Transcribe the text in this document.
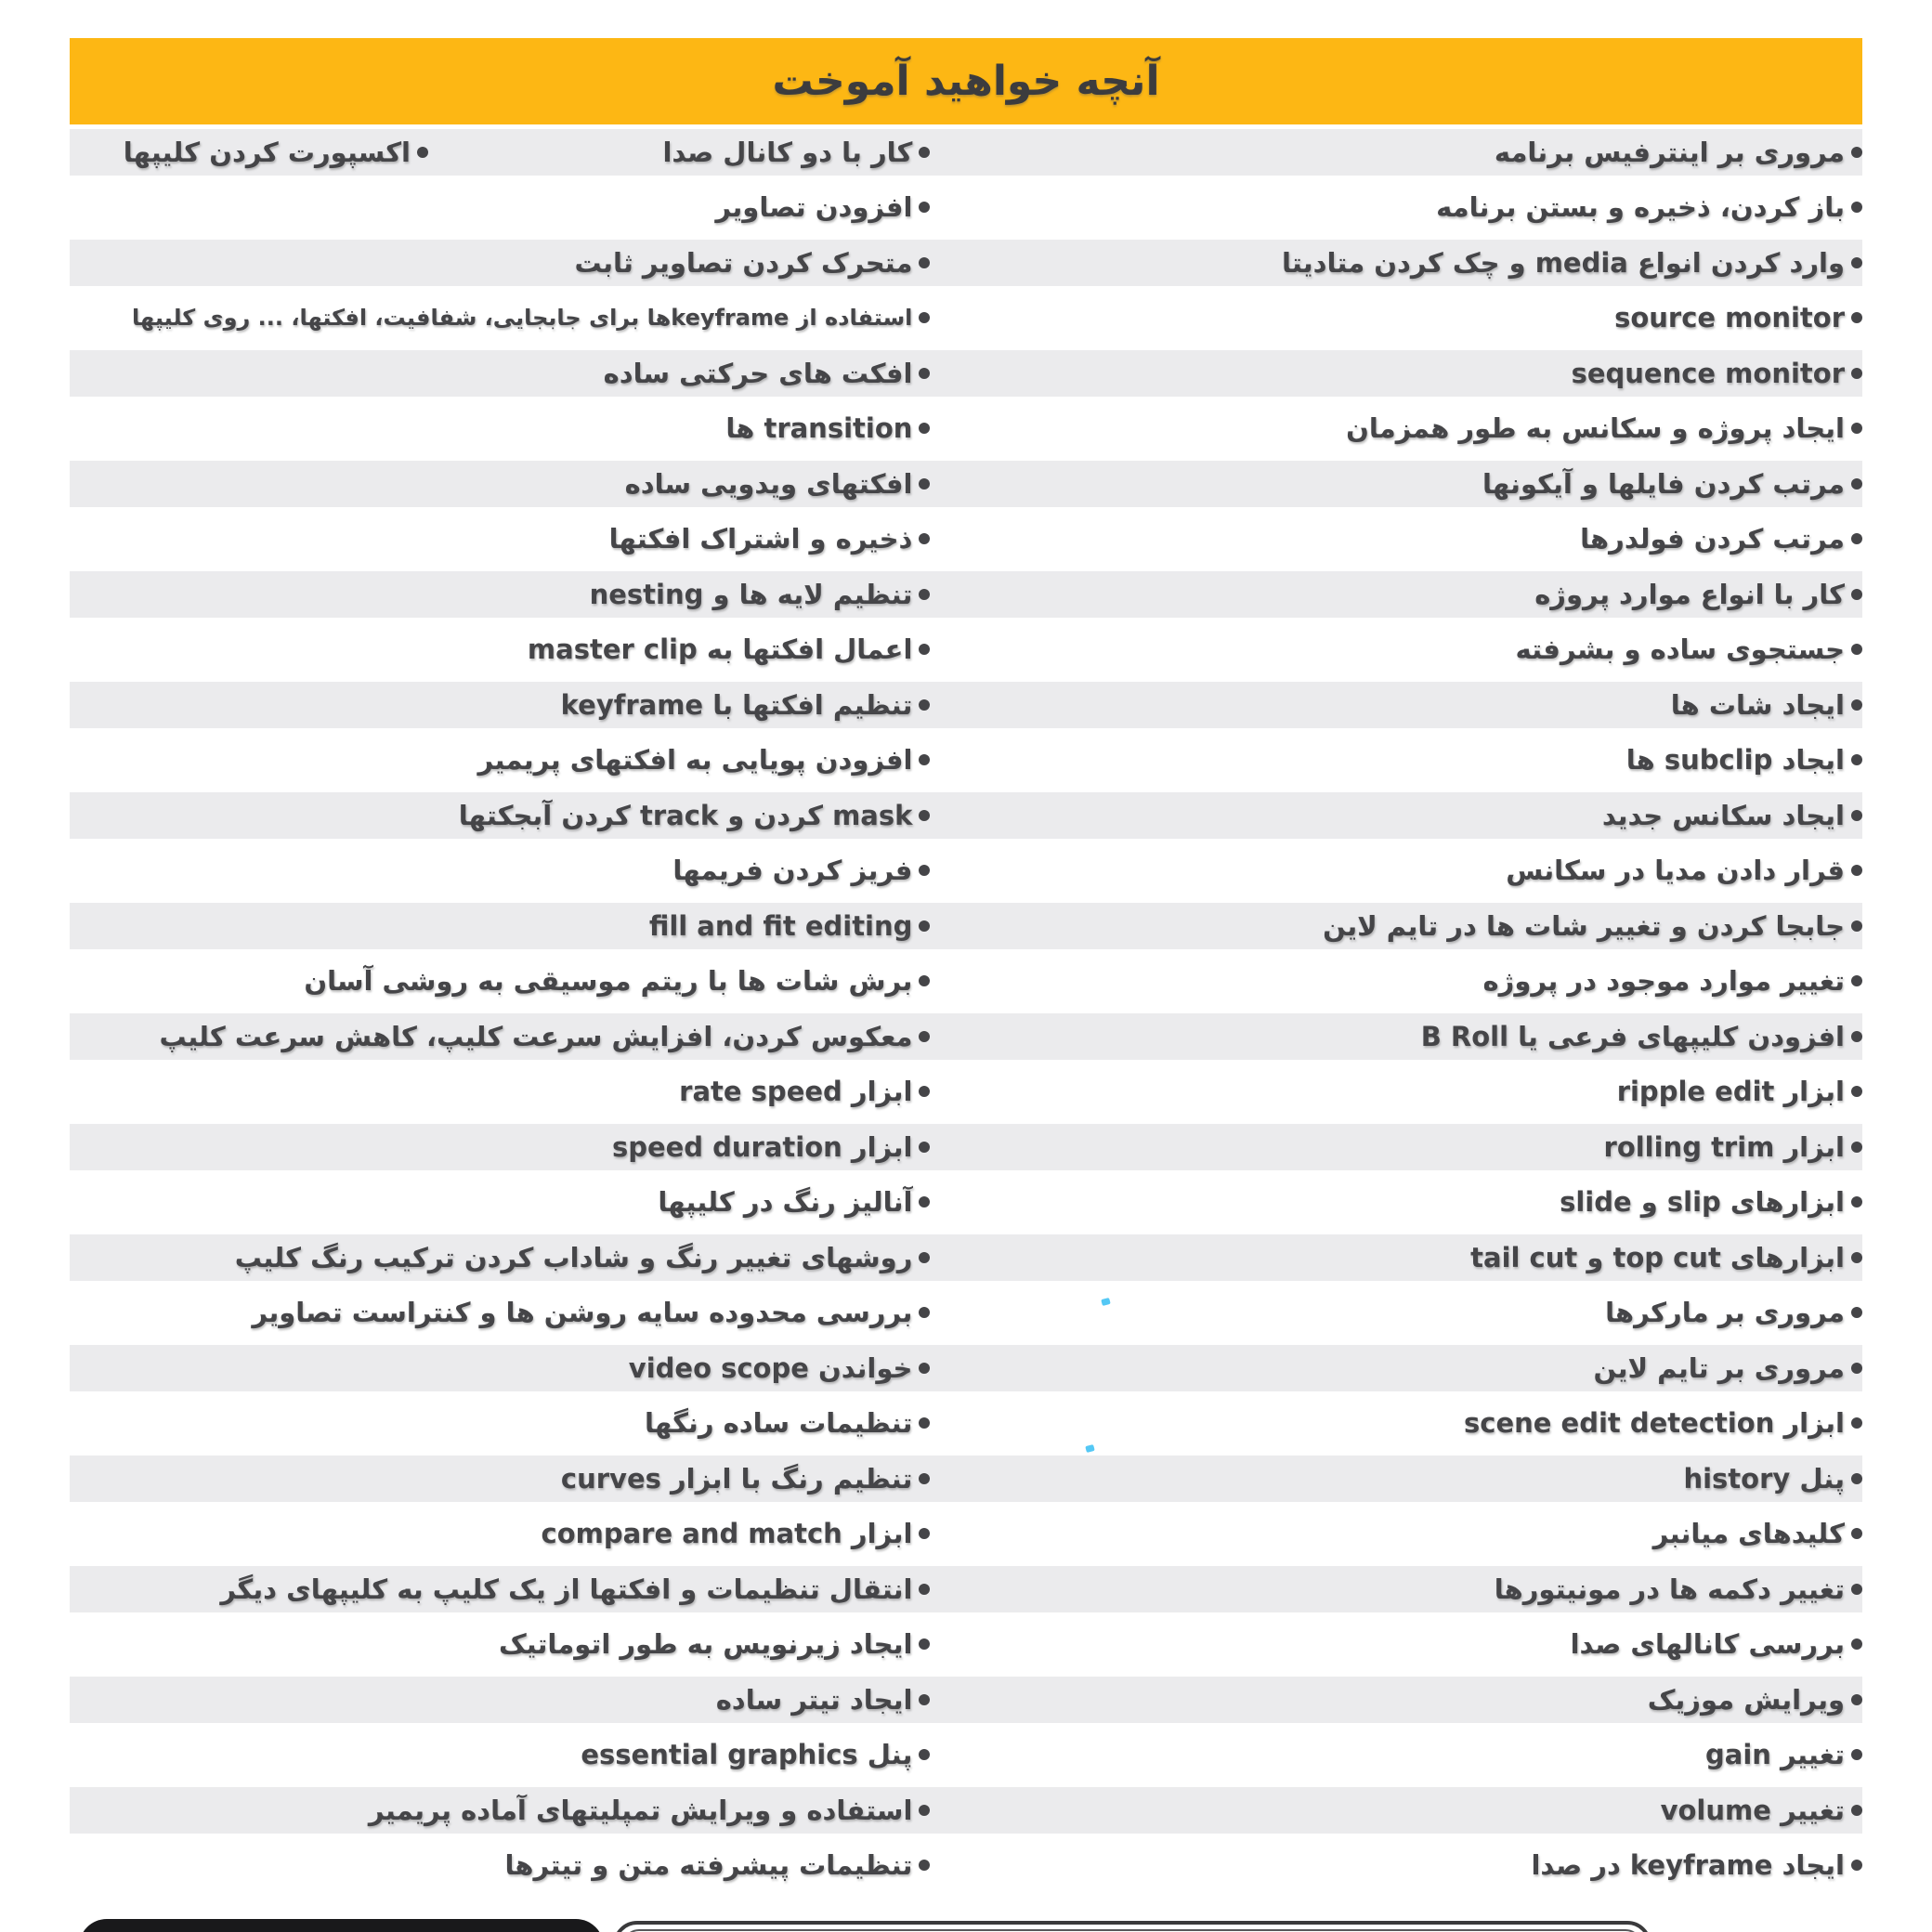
آنچه خواهید آموخت
مروری بر اینترفیس برنامه
کار با دو کانال صدا
اکسپورت کردن کلیپها
باز کردن، ذخیره و بستن برنامه
افزودن تصاویر
وارد کردن انواع media و چک کردن متادیتا
متحرک کردن تصاویر ثابت
source monitor
استفاده از keyframeها برای جابجایی، شفافیت، افکتها، ... روی کلیپها
sequence monitor
افکت های حرکتی ساده
ایجاد پروژه و سکانس به طور همزمان
transition ها
مرتب کردن فایلها و آیکونها
افکتهای ویدویی ساده
مرتب کردن فولدرها
ذخیره و اشتراک افکتها
کار با انواع موارد پروژه
تنظیم لایه ها و nesting
جستجوی ساده و بشرفته
اعمال افکتها به master clip
ایجاد شات ها
تنظیم افکتها با keyframe
ایجاد subclip ها
افزودن پویایی به افکتهای پریمیر
ایجاد سکانس جدید
mask کردن و track کردن آبجکتها
قرار دادن مدیا در سکانس
فریز کردن فریمها
جابجا کردن و تغییر شات ها در تایم لاین
fill and fit editing
تغییر موارد موجود در پروژه
برش شات ها با ریتم موسیقی به روشی آسان
افزودن کلیپهای فرعی یا B Roll
معکوس کردن، افزایش سرعت کلیپ، کاهش سرعت کلیپ
ابزار ripple edit
ابزار rate speed
ابزار rolling trim
ابزار speed duration
ابزارهای slip و slide
آنالیز رنگ در کلیپها
ابزارهای top cut و tail cut
روشهای تغییر رنگ و شاداب کردن ترکیب رنگ کلیپ
مروری بر مارکرها
بررسی محدوده سایه روشن ها و کنتراست تصاویر
مروری بر تایم لاین
خواندن video scope
ابزار scene edit detection
تنظیمات ساده رنگها
پنل history
تنظیم رنگ با ابزار curves
کلیدهای میانبر
ابزار compare and match
تغییر دکمه ها در مونیتورها
انتقال تنظیمات و افکتها از یک کلیپ به کلیپهای دیگر
بررسی کانالهای صدا
ایجاد زیرنویس به طور اتوماتیک
ویرایش موزیک
ایجاد تیتر ساده
تغییر gain
پنل essential graphics
تغییر volume
استفاده و ویرایش تمپلیتهای آماده پریمیر
ایجاد keyframe در صدا
تنظیمات پیشرفته متن و تیترها
